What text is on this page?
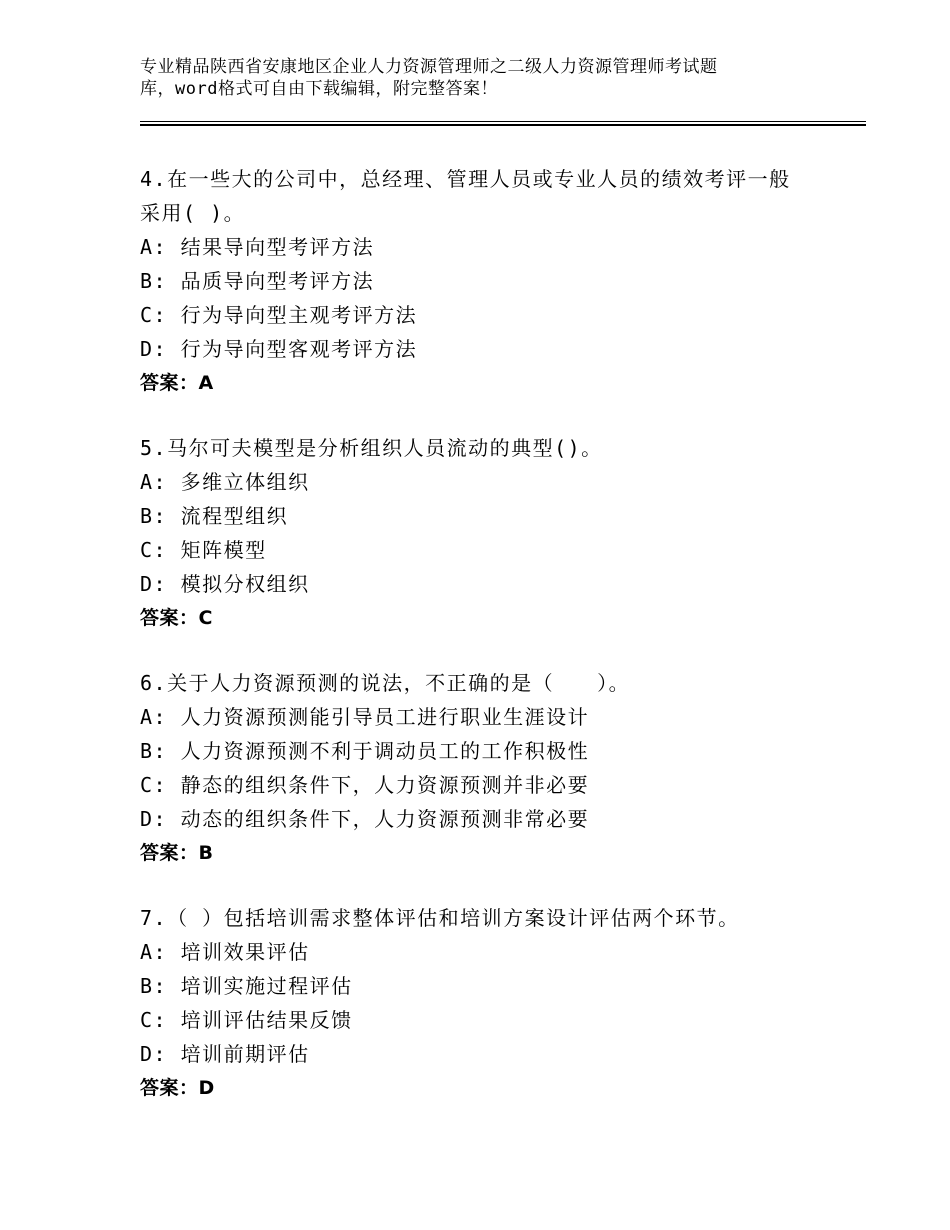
专业精品陕西省安康地区企业人力资源管理师之二级人力资源管理师考试题
库，word格式可自由下载编辑，附完整答案！
4.在一些大的公司中，总经理、管理人员或专业人员的绩效考评一般
采用( )。
A: 结果导向型考评方法
B: 品质导向型考评方法
C: 行为导向型主观考评方法
D: 行为导向型客观考评方法
答案：A
5.马尔可夫模型是分析组织人员流动的典型()。
A: 多维立体组织
B: 流程型组织
C: 矩阵模型
D: 模拟分权组织
答案：C
6.关于人力资源预测的说法，不正确的是（　　）。
A: 人力资源预测能引导员工进行职业生涯设计
B: 人力资源预测不利于调动员工的工作积极性
C: 静态的组织条件下，人力资源预测并非必要
D: 动态的组织条件下，人力资源预测非常必要
答案：B
7.（ ）包括培训需求整体评估和培训方案设计评估两个环节。
A: 培训效果评估
B: 培训实施过程评估
C: 培训评估结果反馈
D: 培训前期评估
答案：D
